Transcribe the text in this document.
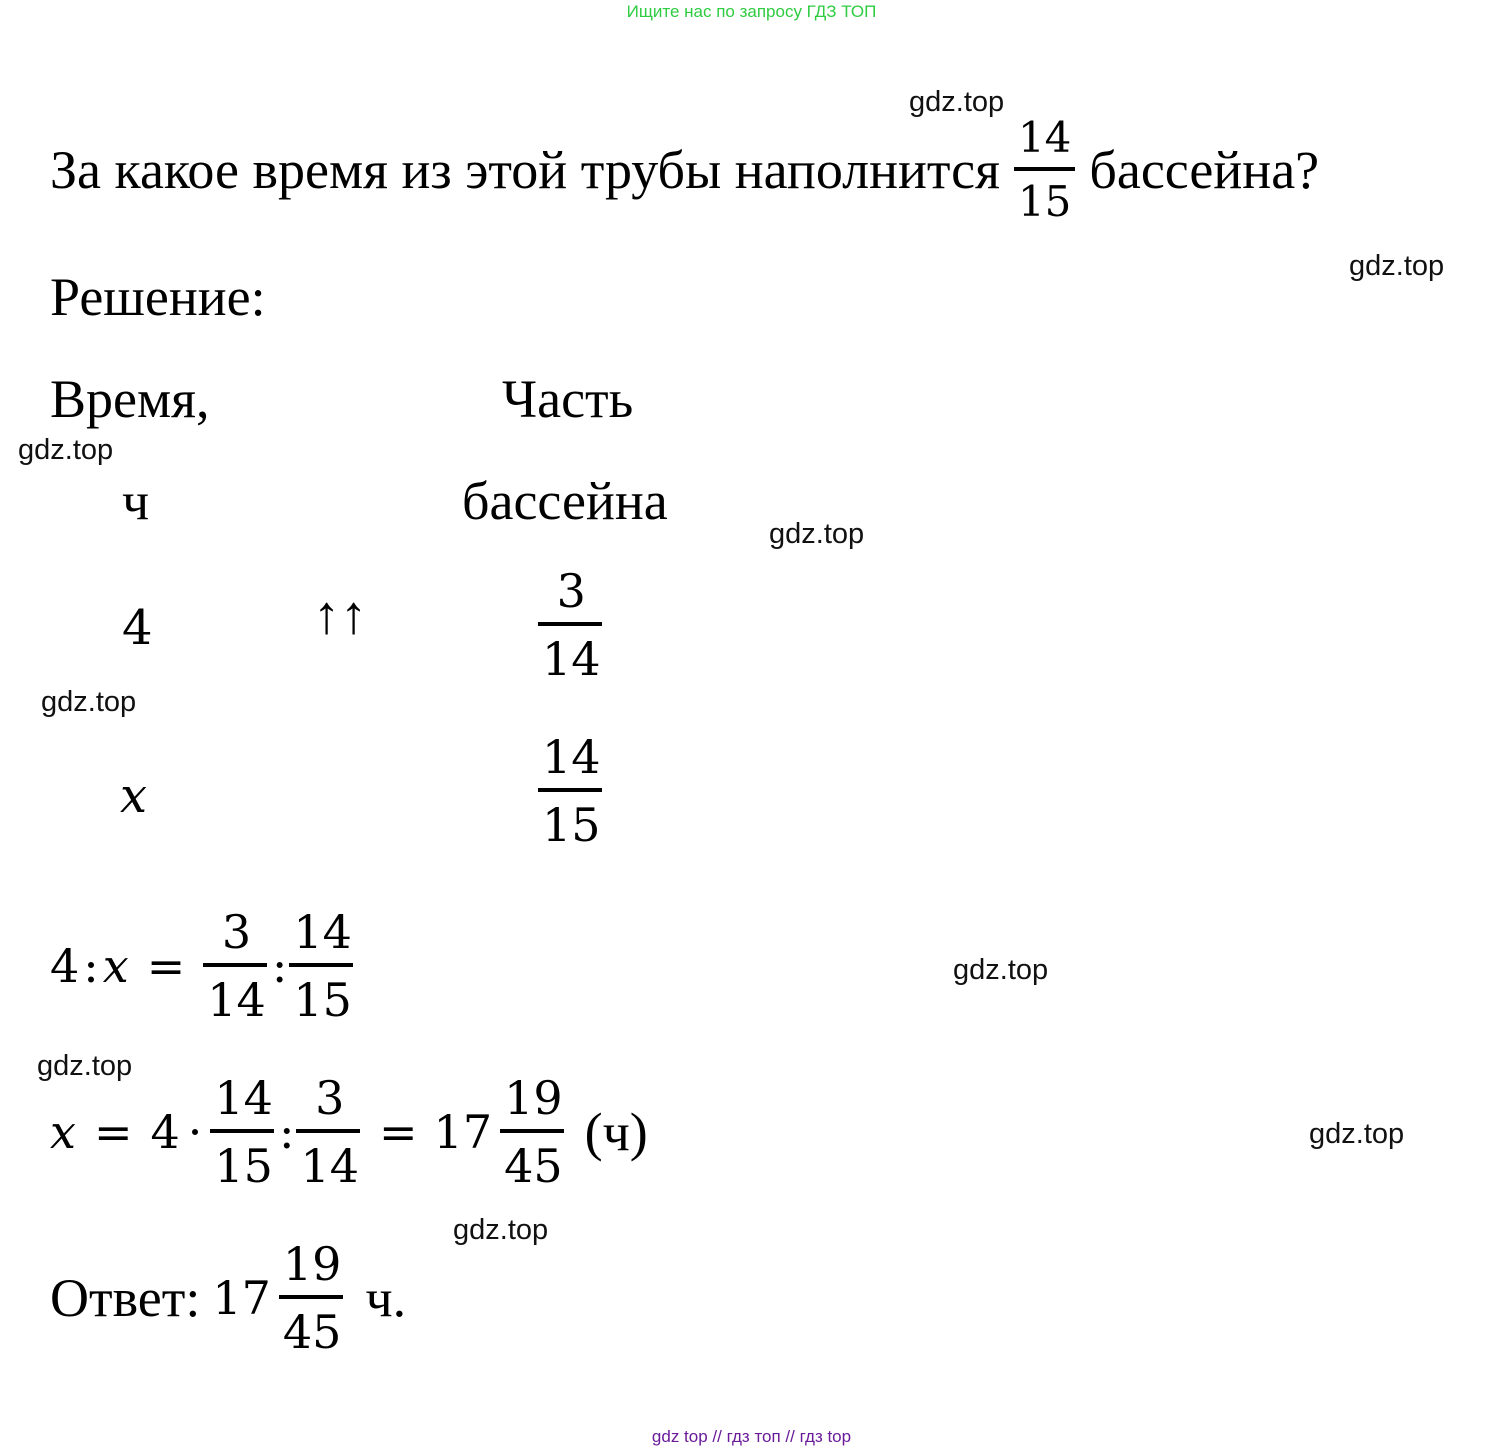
Ищите нас по запросу ГДЗ ТОП
gdz.top
gdz.top
gdz.top
gdz.top
gdz.top
gdz.top
gdz.top
gdz.top
gdz.top
За какое время из этой трубы наполнится $\frac{14}{15}$ бассейна?
Решение:
Время,
ч
Часть
бассейна
4	↑↑	3
14
x
14
15
4 : $x = \frac{3}{14}$ : $\frac{14}{15}$
$x = 4 \cdot \frac{14}{15}$ : $\frac{3}{14} = 17 \frac{19}{45} (ч)$
Ответ: $17 \frac{19}{45} ч$.
gdz top // гдз топ // гдз top
